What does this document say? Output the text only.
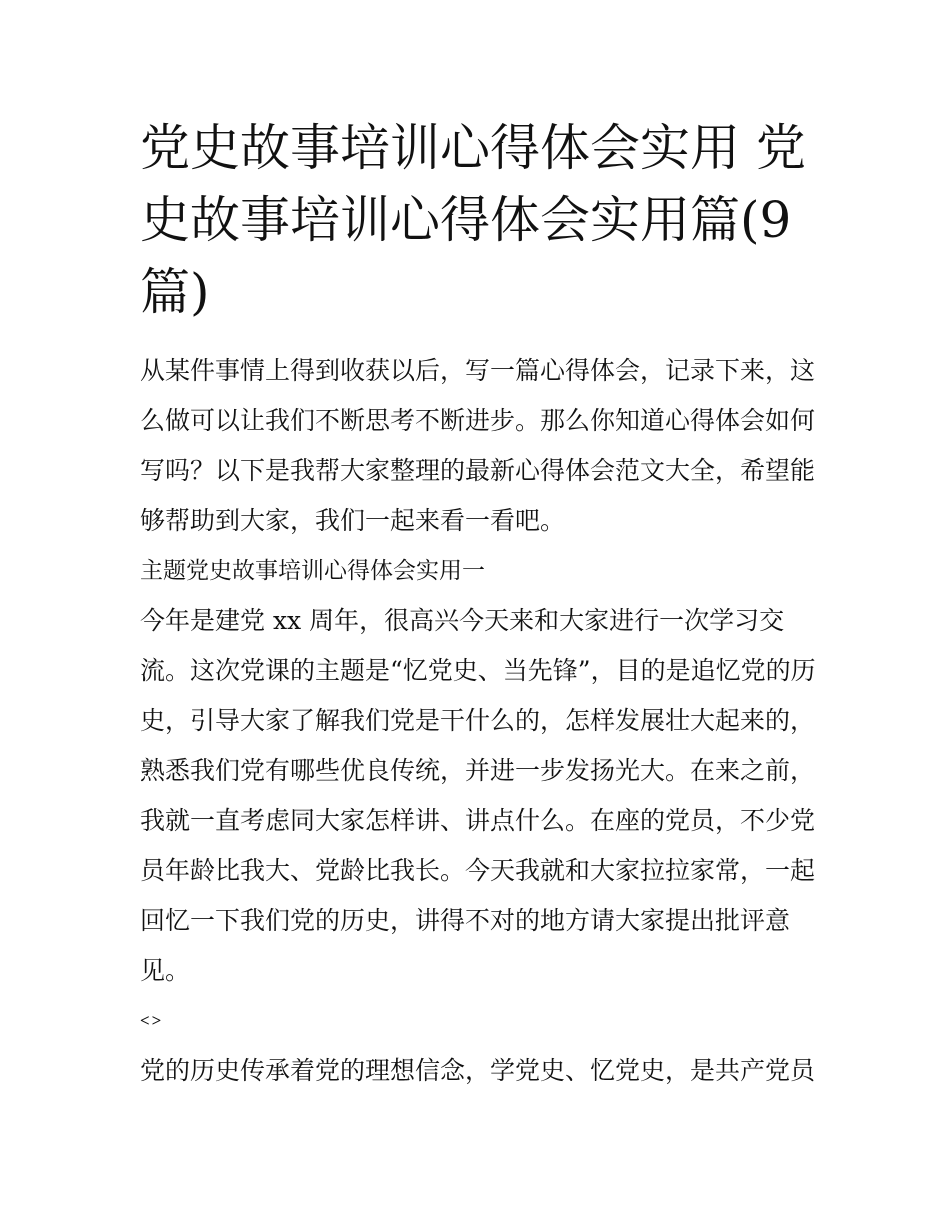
党史故事培训心得体会实用 党
史故事培训心得体会实用篇(9
篇)

从某件事情上得到收获以后，写一篇心得体会，记录下来，这
么做可以让我们不断思考不断进步。那么你知道心得体会如何
写吗？以下是我帮大家整理的最新心得体会范文大全，希望能
够帮助到大家，我们一起来看一看吧。

主题党史故事培训心得体会实用一

今年是建党 xx 周年，很高兴今天来和大家进行一次学习交
流。这次党课的主题是“忆党史、当先锋”，目的是追忆党的历
史，引导大家了解我们党是干什么的，怎样发展壮大起来的，
熟悉我们党有哪些优良传统，并进一步发扬光大。在来之前，
我就一直考虑同大家怎样讲、讲点什么。在座的党员，不少党
员年龄比我大、党龄比我长。今天我就和大家拉拉家常，一起
回忆一下我们党的历史，讲得不对的地方请大家提出批评意
见。

<>

党的历史传承着党的理想信念，学党史、忆党史，是共产党员
